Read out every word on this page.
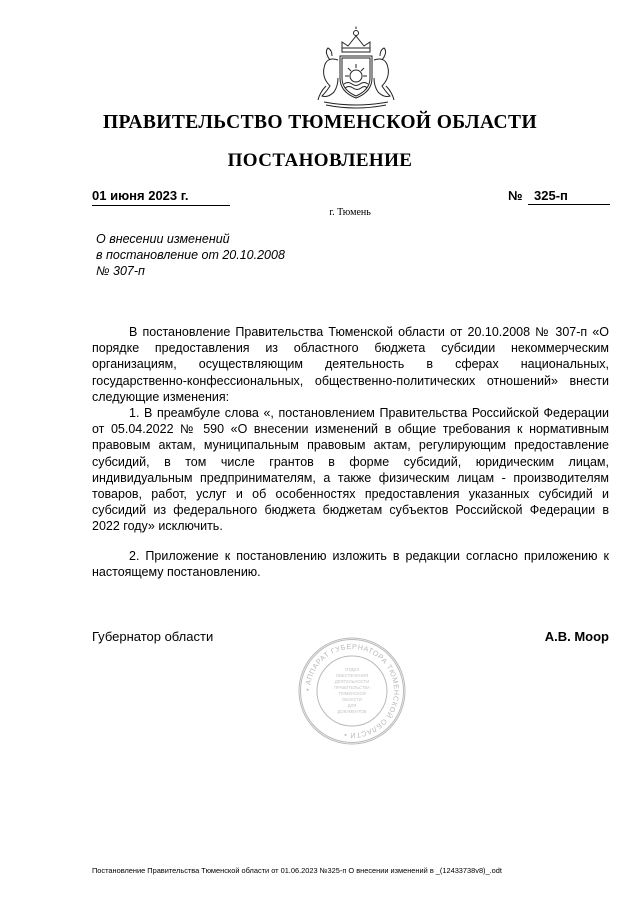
ПРАВИТЕЛЬСТВО ТЮМЕНСКОЙ ОБЛАСТИ
ПОСТАНОВЛЕНИЕ
01 июня 2023 г.	№ 325-п
г. Тюмень
О внесении изменений
в постановление от 20.10.2008
№ 307-п

В постановление Правительства Тюменской области от 20.10.2008 № 307-п «О порядке предоставления из областного бюджета субсидии некоммерческим организациям, осуществляющим деятельность в сферах национальных, государственно-конфессиональных, общественно-политических отношений» внести следующие изменения:

1. В преамбуле слова «, постановлением Правительства Российской Федерации от 05.04.2022 № 590 «О внесении изменений в общие требования к нормативным правовым актам, муниципальным правовым актам, регулирующим предоставление субсидий, в том числе грантов в форме субсидий, юридическим лицам, индивидуальным предпринимателям, а также физическим лицам - производителям товаров, работ, услуг и об особенностях предоставления указанных субсидий и субсидий из федерального бюджета бюджетам субъектов Российской Федерации в 2022 году» исключить.

2. Приложение к постановлению изложить в редакции согласно приложению к настоящему постановлению.

Губернатор области	А.В. Моор
• АППАРАТ ГУБЕРНАТОРА ТЮМЕНСКОЙ ОБЛАСТИ •
ОТДЕЛ
ОБЕСПЕЧЕНИЯ
ДЕЯТЕЛЬНОСТИ
ПРАВИТЕЛЬСТВА
ТЮМЕНСКОЙ
ОБЛАСТИ
ДЛЯ
ДОКУМЕНТОВ
Постановление Правительства Тюменской области от 01.06.2023 №325-п О внесении изменений в _(12433738v8)_.odt
